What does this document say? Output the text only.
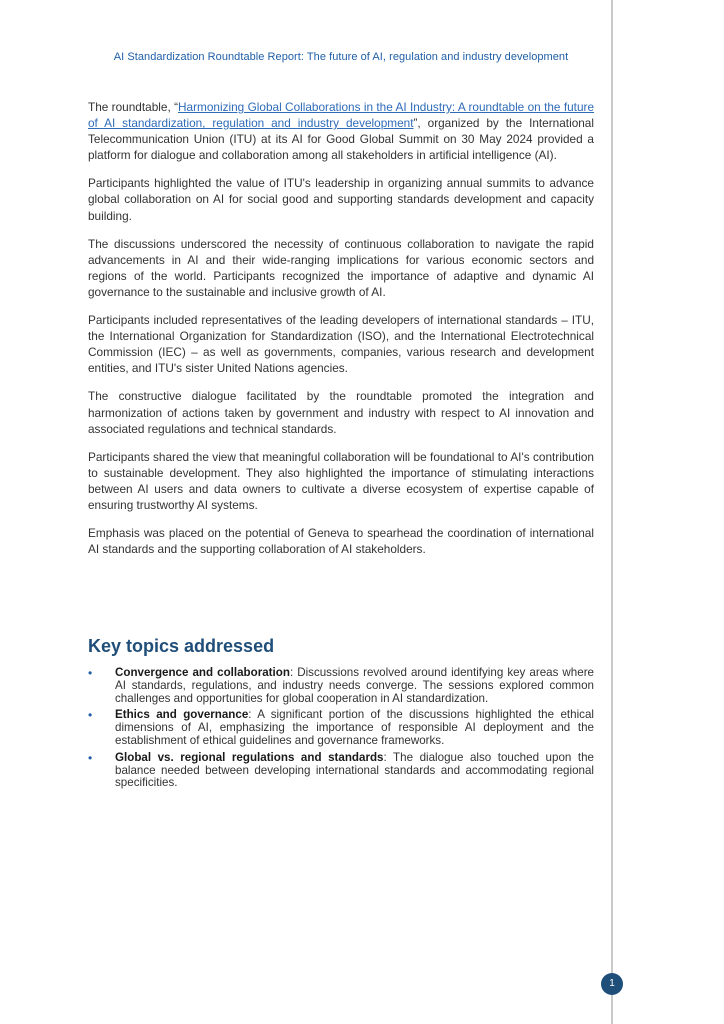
AI Standardization Roundtable Report: The future of AI, regulation and industry development

The roundtable, “Harmonizing Global Collaborations in the AI Industry: A roundtable on the future of AI standardization, regulation and industry development”, organized by the International Telecommunication Union (ITU) at its AI for Good Global Summit on 30 May 2024 provided a platform for dialogue and collaboration among all stakeholders in artificial intelligence (AI).

Participants highlighted the value of ITU's leadership in organizing annual summits to advance global collaboration on AI for social good and supporting standards development and capacity building.

The discussions underscored the necessity of continuous collaboration to navigate the rapid advancements in AI and their wide-ranging implications for various economic sectors and regions of the world. Participants recognized the importance of adaptive and dynamic AI governance to the sustainable and inclusive growth of AI.

Participants included representatives of the leading developers of international standards – ITU, the International Organization for Standardization (ISO), and the International Electrotechnical Commission (IEC) – as well as governments, companies, various research and development entities, and ITU's sister United Nations agencies.

The constructive dialogue facilitated by the roundtable promoted the integration and harmonization of actions taken by government and industry with respect to AI innovation and associated regulations and technical standards.

Participants shared the view that meaningful collaboration will be foundational to AI's contribution to sustainable development. They also highlighted the importance of stimulating interactions between AI users and data owners to cultivate a diverse ecosystem of expertise capable of ensuring trustworthy AI systems.

Emphasis was placed on the potential of Geneva to spearhead the coordination of international AI standards and the supporting collaboration of AI stakeholders.

Key topics addressed
• Convergence and collaboration: Discussions revolved around identifying key areas where AI standards, regulations, and industry needs converge. The sessions explored common challenges and opportunities for global cooperation in AI standardization.
• Ethics and governance: A significant portion of the discussions highlighted the ethical dimensions of AI, emphasizing the importance of responsible AI deployment and the establishment of ethical guidelines and governance frameworks.
• Global vs. regional regulations and standards: The dialogue also touched upon the balance needed between developing international standards and accommodating regional specificities.
1
